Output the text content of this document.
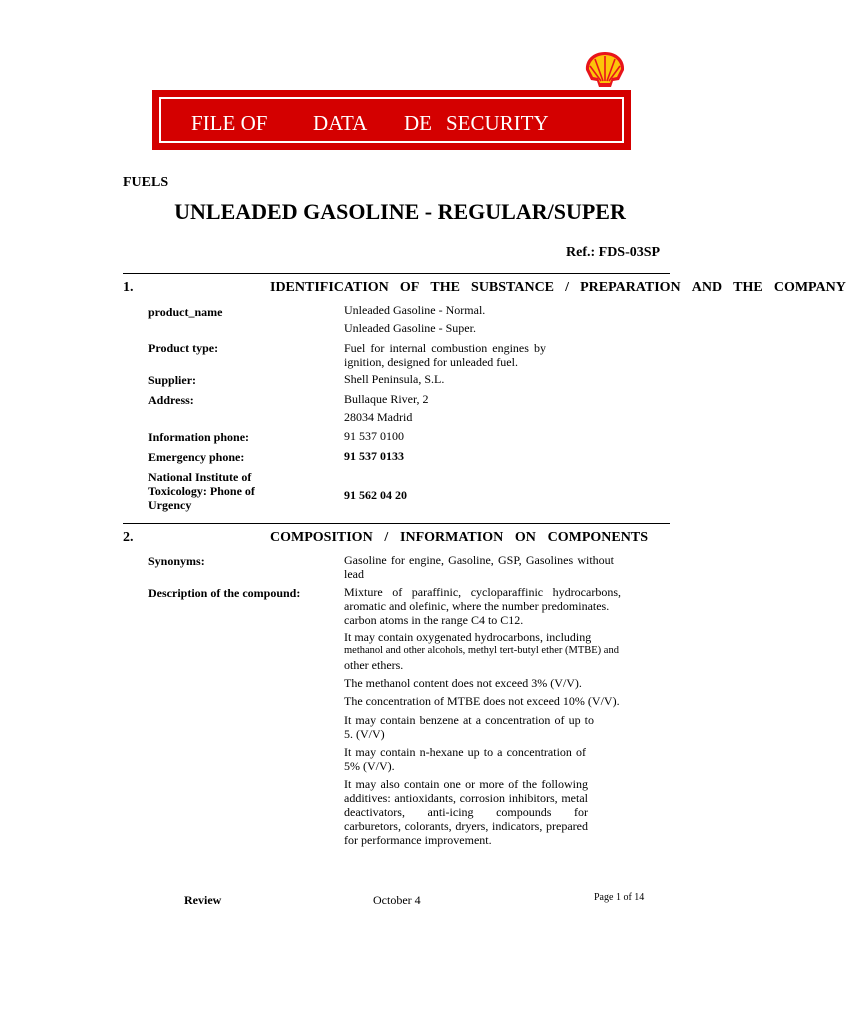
FILE OF DATA DE SECURITY
FUELS
UNLEADED GASOLINE - REGULAR/SUPER
Ref.: FDS-03SP
1.	IDENTIFICATION OF THE SUBSTANCE / PREPARATION AND THE COMPANY
product_name	Unleaded Gasoline - Normal.
Unleaded Gasoline - Super.
Product type:	Fuel for internal combustion engines by ignition, designed for unleaded fuel.
Supplier:	Shell Peninsula, S.L.
Address:	Bullaque River, 2
28034 Madrid
Information phone:	91 537 0100
Emergency phone:	91 537 0133
National Institute of Toxicology: Phone of Urgency
91 562 04 20
2.	COMPOSITION / INFORMATION ON COMPONENTS
Synonyms:	Gasoline for engine, Gasoline, GSP, Gasolines without lead
Description of the compound:	Mixture of paraffinic, cycloparaffinic hydrocarbons, aromatic and olefinic, where the number predominates.
carbon atoms in the range C4 to C12.
It may contain oxygenated hydrocarbons, including
methanol and other alcohols, methyl tert-butyl ether (MTBE) and
other ethers.
The methanol content does not exceed 3% (V/V).
The concentration of MTBE does not exceed 10% (V/V).
It may contain benzene at a concentration of up to 5. (V/V)
It may contain n-hexane up to a concentration of 5% (V/V).
It may also contain one or more of the following additives: antioxidants, corrosion inhibitors, metal deactivators, anti-icing compounds for carburetors, colorants, dryers, indicators, prepared for performance improvement.
Review	October 4	Page 1 of 14
